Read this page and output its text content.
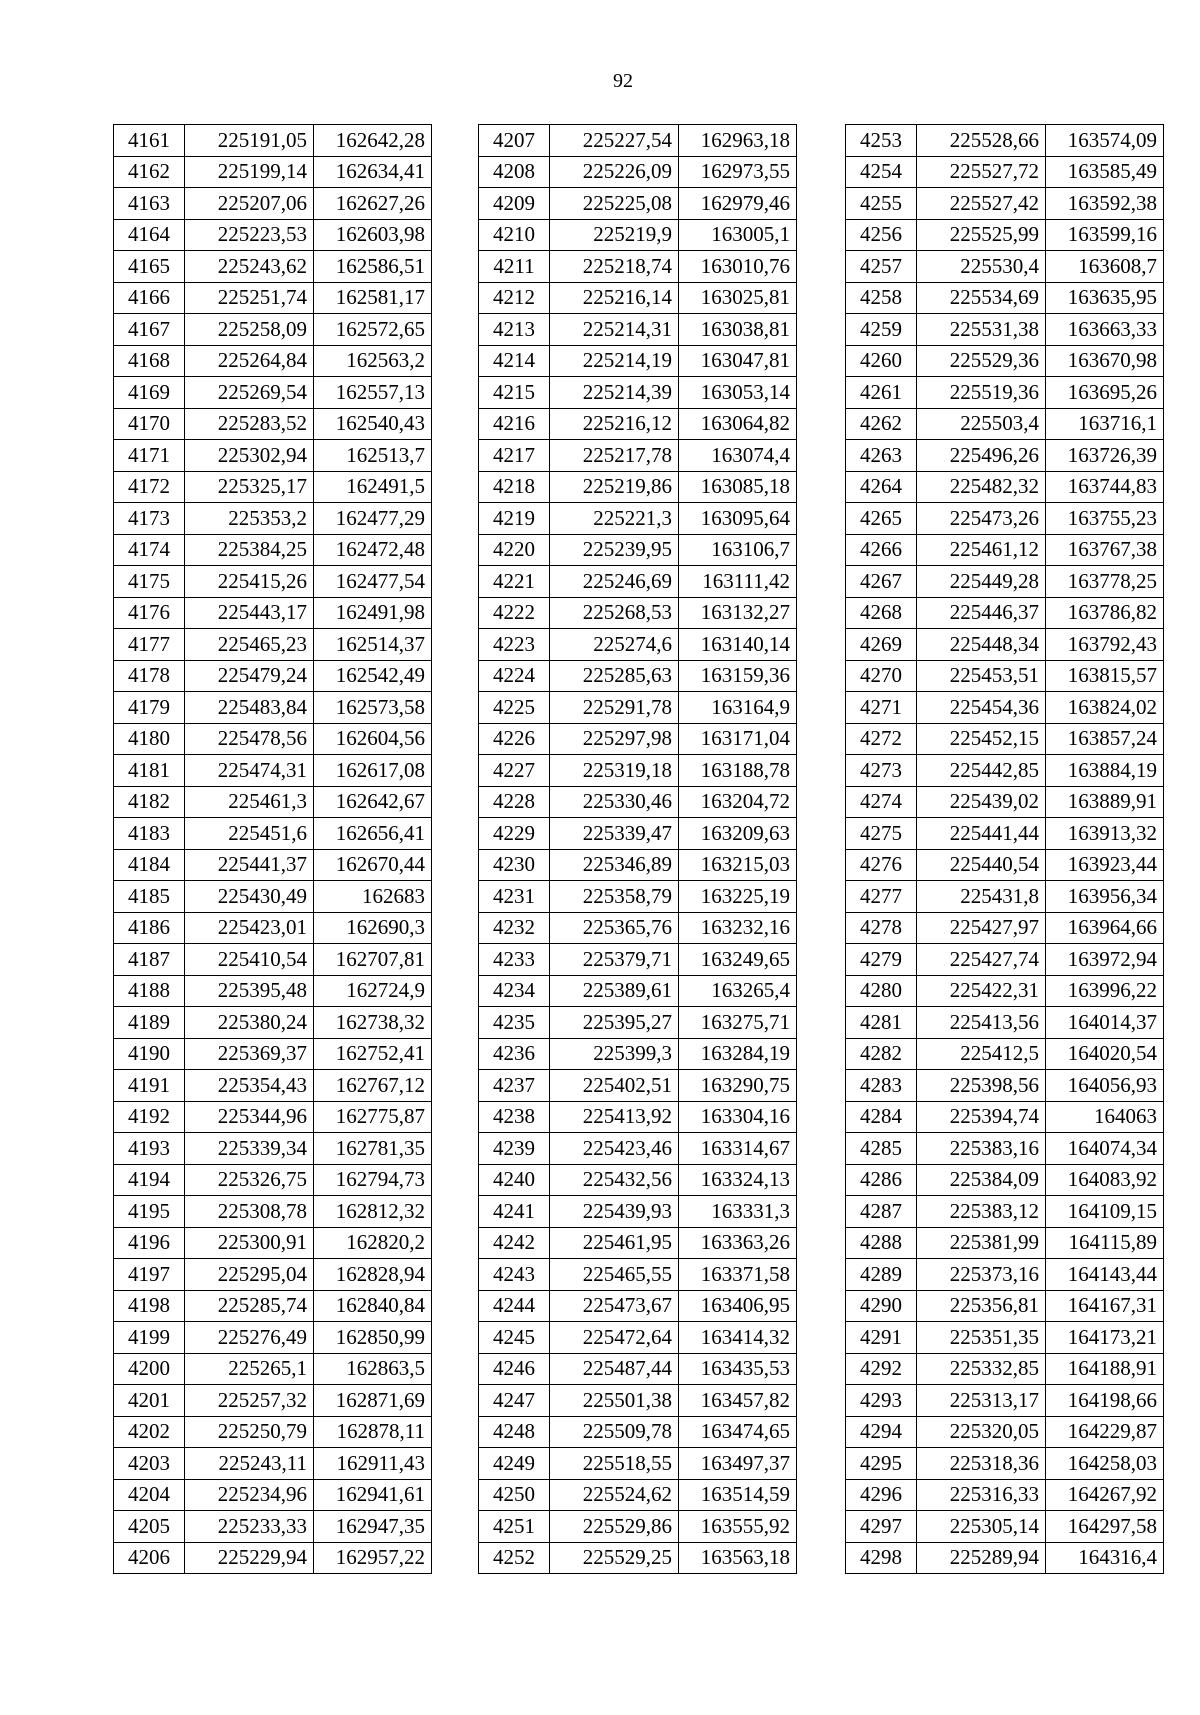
92
4161	225191,05	162642,28
4162	225199,14	162634,41
4163	225207,06	162627,26
4164	225223,53	162603,98
4165	225243,62	162586,51
4166	225251,74	162581,17
4167	225258,09	162572,65
4168	225264,84	162563,2
4169	225269,54	162557,13
4170	225283,52	162540,43
4171	225302,94	162513,7
4172	225325,17	162491,5
4173	225353,2	162477,29
4174	225384,25	162472,48
4175	225415,26	162477,54
4176	225443,17	162491,98
4177	225465,23	162514,37
4178	225479,24	162542,49
4179	225483,84	162573,58
4180	225478,56	162604,56
4181	225474,31	162617,08
4182	225461,3	162642,67
4183	225451,6	162656,41
4184	225441,37	162670,44
4185	225430,49	162683
4186	225423,01	162690,3
4187	225410,54	162707,81
4188	225395,48	162724,9
4189	225380,24	162738,32
4190	225369,37	162752,41
4191	225354,43	162767,12
4192	225344,96	162775,87
4193	225339,34	162781,35
4194	225326,75	162794,73
4195	225308,78	162812,32
4196	225300,91	162820,2
4197	225295,04	162828,94
4198	225285,74	162840,84
4199	225276,49	162850,99
4200	225265,1	162863,5
4201	225257,32	162871,69
4202	225250,79	162878,11
4203	225243,11	162911,43
4204	225234,96	162941,61
4205	225233,33	162947,35
4206	225229,94	162957,22
4207	225227,54	162963,18
4208	225226,09	162973,55
4209	225225,08	162979,46
4210	225219,9	163005,1
4211	225218,74	163010,76
4212	225216,14	163025,81
4213	225214,31	163038,81
4214	225214,19	163047,81
4215	225214,39	163053,14
4216	225216,12	163064,82
4217	225217,78	163074,4
4218	225219,86	163085,18
4219	225221,3	163095,64
4220	225239,95	163106,7
4221	225246,69	163111,42
4222	225268,53	163132,27
4223	225274,6	163140,14
4224	225285,63	163159,36
4225	225291,78	163164,9
4226	225297,98	163171,04
4227	225319,18	163188,78
4228	225330,46	163204,72
4229	225339,47	163209,63
4230	225346,89	163215,03
4231	225358,79	163225,19
4232	225365,76	163232,16
4233	225379,71	163249,65
4234	225389,61	163265,4
4235	225395,27	163275,71
4236	225399,3	163284,19
4237	225402,51	163290,75
4238	225413,92	163304,16
4239	225423,46	163314,67
4240	225432,56	163324,13
4241	225439,93	163331,3
4242	225461,95	163363,26
4243	225465,55	163371,58
4244	225473,67	163406,95
4245	225472,64	163414,32
4246	225487,44	163435,53
4247	225501,38	163457,82
4248	225509,78	163474,65
4249	225518,55	163497,37
4250	225524,62	163514,59
4251	225529,86	163555,92
4252	225529,25	163563,18
4253	225528,66	163574,09
4254	225527,72	163585,49
4255	225527,42	163592,38
4256	225525,99	163599,16
4257	225530,4	163608,7
4258	225534,69	163635,95
4259	225531,38	163663,33
4260	225529,36	163670,98
4261	225519,36	163695,26
4262	225503,4	163716,1
4263	225496,26	163726,39
4264	225482,32	163744,83
4265	225473,26	163755,23
4266	225461,12	163767,38
4267	225449,28	163778,25
4268	225446,37	163786,82
4269	225448,34	163792,43
4270	225453,51	163815,57
4271	225454,36	163824,02
4272	225452,15	163857,24
4273	225442,85	163884,19
4274	225439,02	163889,91
4275	225441,44	163913,32
4276	225440,54	163923,44
4277	225431,8	163956,34
4278	225427,97	163964,66
4279	225427,74	163972,94
4280	225422,31	163996,22
4281	225413,56	164014,37
4282	225412,5	164020,54
4283	225398,56	164056,93
4284	225394,74	164063
4285	225383,16	164074,34
4286	225384,09	164083,92
4287	225383,12	164109,15
4288	225381,99	164115,89
4289	225373,16	164143,44
4290	225356,81	164167,31
4291	225351,35	164173,21
4292	225332,85	164188,91
4293	225313,17	164198,66
4294	225320,05	164229,87
4295	225318,36	164258,03
4296	225316,33	164267,92
4297	225305,14	164297,58
4298	225289,94	164316,4
